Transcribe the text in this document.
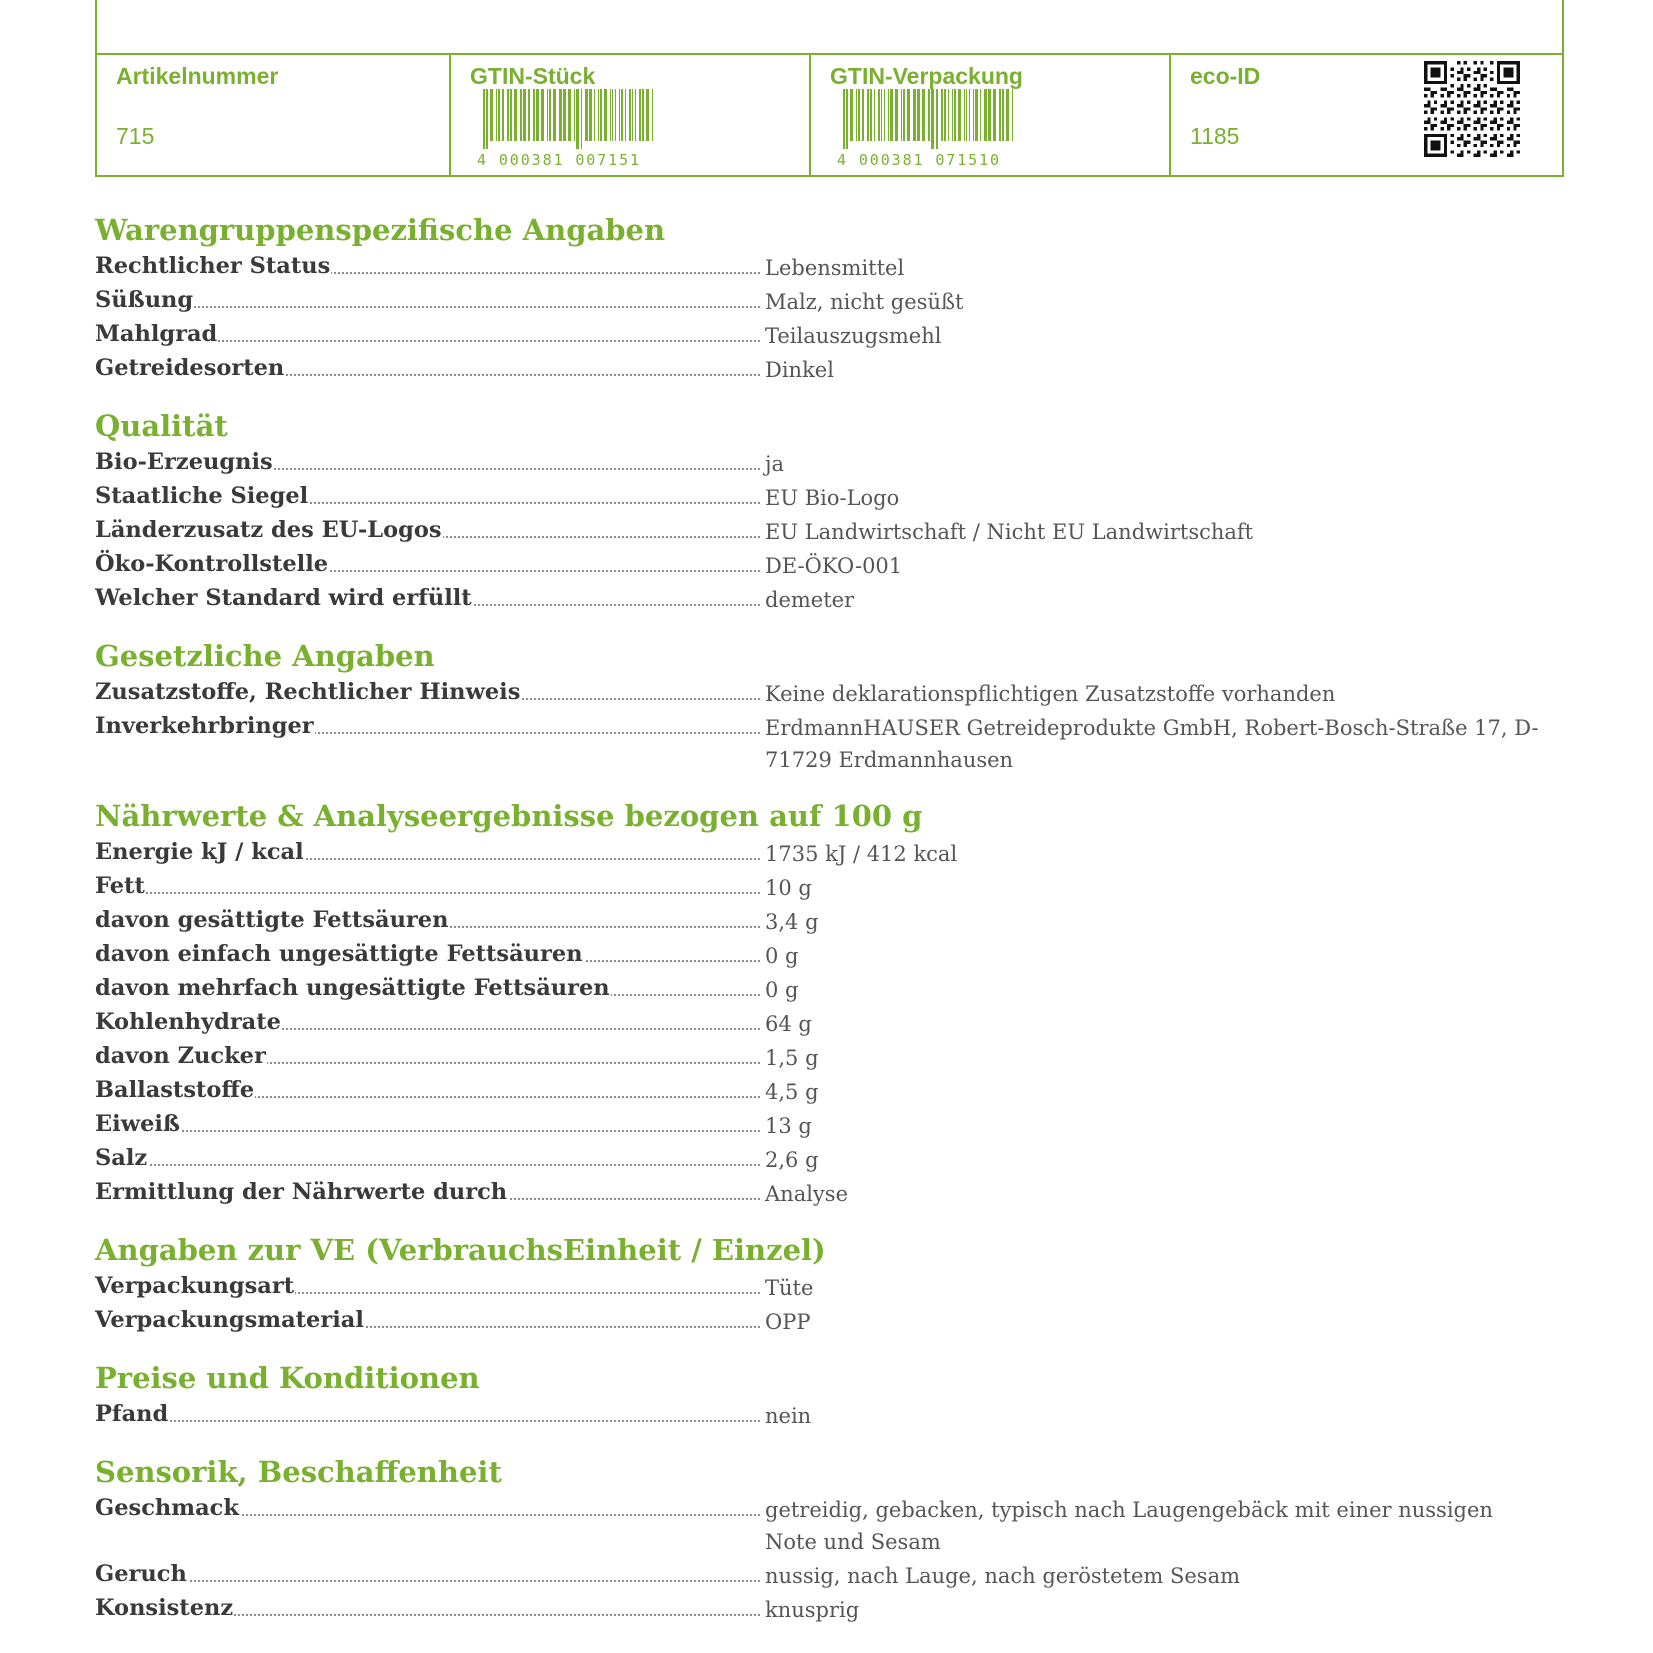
Artikelnummer
715
GTIN-Stück
4 000381 007151
GTIN-Verpackung
4 000381 071510
eco-ID
1185
Warengruppenspezifische Angaben
Rechtlicher Status	Lebensmittel
Süßung	Malz, nicht gesüßt
Mahlgrad	Teilauszugsmehl
Getreidesorten	Dinkel
Qualität
Bio-Erzeugnis	ja
Staatliche Siegel	EU Bio-Logo
Länderzusatz des EU-Logos	EU Landwirtschaft / Nicht EU Landwirtschaft
Öko-Kontrollstelle	DE-ÖKO-001
Welcher Standard wird erfüllt	demeter
Gesetzliche Angaben
Zusatzstoffe, Rechtlicher Hinweis	Keine deklarationspflichtigen Zusatzstoffe vorhanden
Inverkehrbringer	ErdmannHAUSER Getreideprodukte GmbH, Robert-Bosch-Straße 17, D-71729 Erdmannhausen
Nährwerte & Analyseergebnisse bezogen auf 100 g
Energie kJ / kcal	1735 kJ / 412 kcal
Fett	10 g
davon gesättigte Fettsäuren	3,4 g
davon einfach ungesättigte Fettsäuren	0 g
davon mehrfach ungesättigte Fettsäuren	0 g
Kohlenhydrate	64 g
davon Zucker	1,5 g
Ballaststoffe	4,5 g
Eiweiß	13 g
Salz	2,6 g
Ermittlung der Nährwerte durch	Analyse
Angaben zur VE (VerbrauchsEinheit / Einzel)
Verpackungsart	Tüte
Verpackungsmaterial	OPP
Preise und Konditionen
Pfand	nein
Sensorik, Beschaffenheit
Geschmack	getreidig, gebacken, typisch nach Laugengebäck mit einer nussigen Note und Sesam
Geruch	nussig, nach Lauge, nach geröstetem Sesam
Konsistenz	knusprig
